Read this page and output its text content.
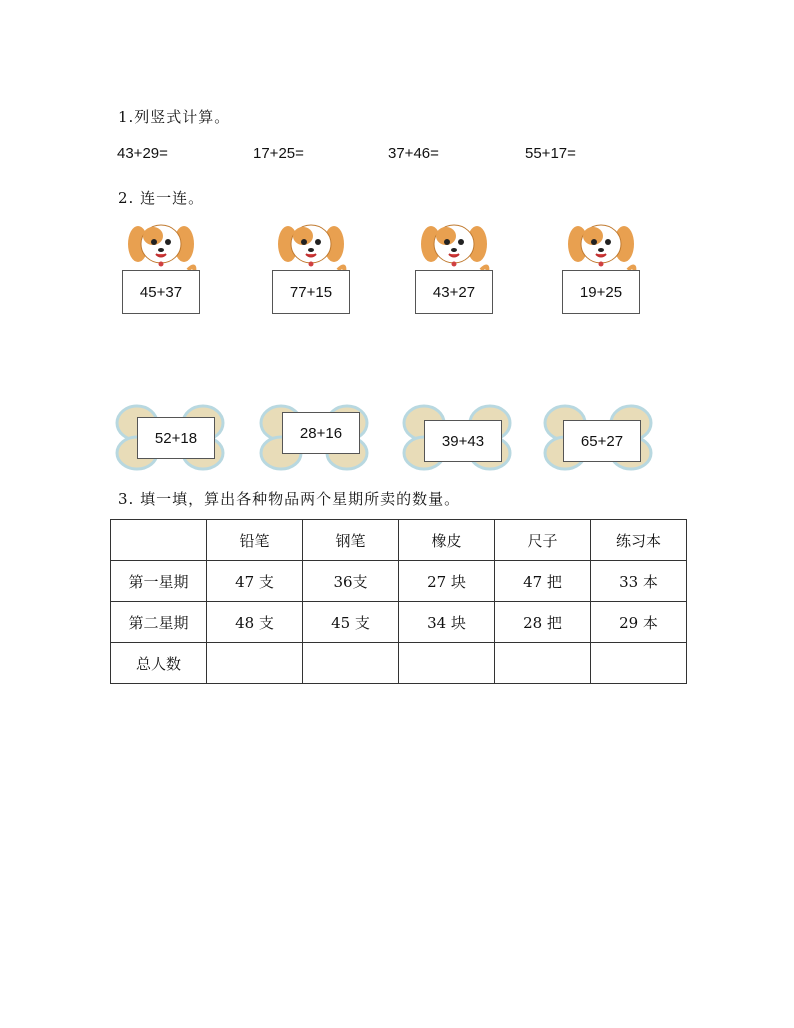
1.列竖式计算。
43+29=	17+25=	37+46=	55+17=
2. 连一连。
45+37	77+15	43+27	19+25
52+18	28+16	39+43	65+27
3. 填一填，算出各种物品两个星期所卖的数量。
	铅笔	钢笔	橡皮	尺子	练习本
第一星期	47 支	36支	27 块	47 把	33 本
第二星期	48 支	45 支	34 块	28 把	29 本
总人数					
